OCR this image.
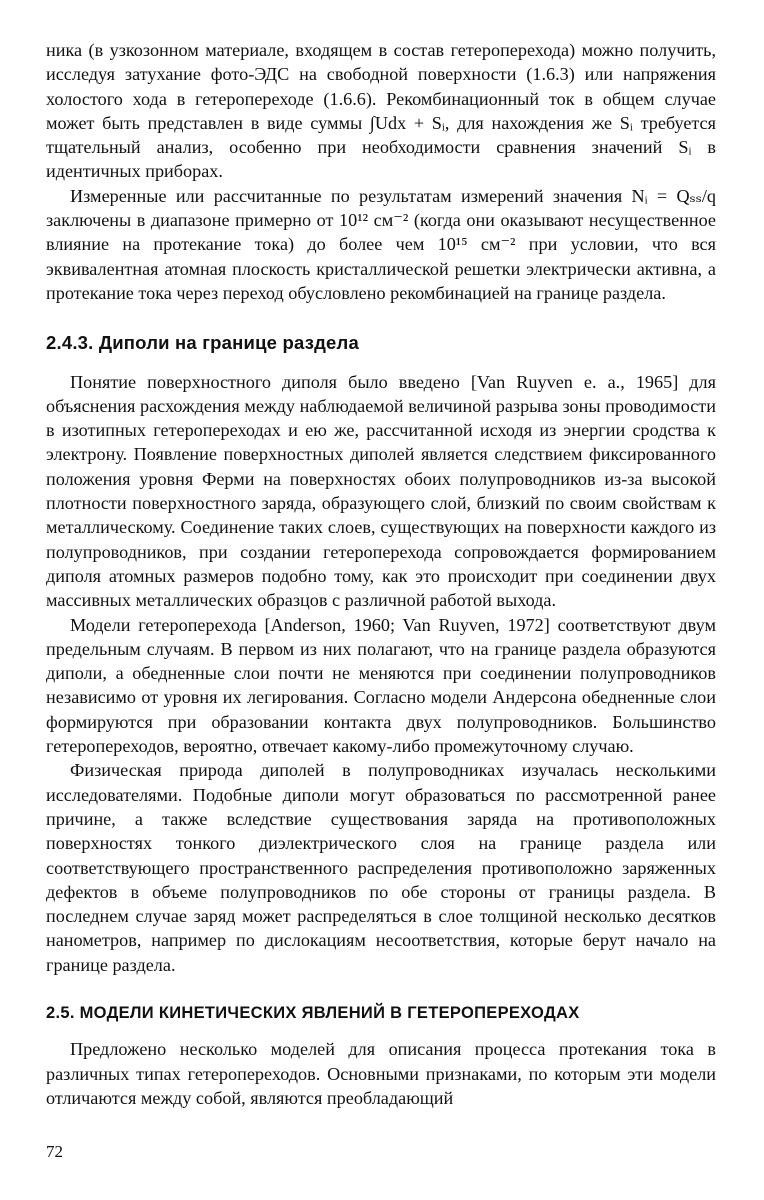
ника (в узкозонном материале, входящем в состав гетероперехода) можно получить, исследуя затухание фото-ЭДС на свободной поверхности (1.6.3) или напряжения холостого хода в гетеропереходе (1.6.6). Рекомбинационный ток в общем случае может быть представлен в виде суммы ∫Udx + Sᵢ, для нахождения же Sᵢ требуется тщательный анализ, особенно при необходимости сравнения значений Sᵢ в идентичных приборах.

Измеренные или рассчитанные по результатам измерений значения Nᵢ = Qₛₛ/q заключены в диапазоне примерно от 10¹² см⁻² (когда они оказывают несущественное влияние на протекание тока) до более чем 10¹⁵ см⁻² при условии, что вся эквивалентная атомная плоскость кристаллической решетки электрически активна, а протекание тока через переход обусловлено рекомбинацией на границе раздела.

2.4.3. Диполи на границе раздела

Понятие поверхностного диполя было введено [Van Ruyven e. a., 1965] для объяснения расхождения между наблюдаемой величиной разрыва зоны проводимости в изотипных гетеропереходах и ею же, рассчитанной исходя из энергии сродства к электрону. Появление поверхностных диполей является следствием фиксированного положения уровня Ферми на поверхностях обоих полупроводников из-за высокой плотности поверхностного заряда, образующего слой, близкий по своим свойствам к металлическому. Соединение таких слоев, существующих на поверхности каждого из полупроводников, при создании гетероперехода сопровождается формированием диполя атомных размеров подобно тому, как это происходит при соединении двух массивных металлических образцов с различной работой выхода.

Модели гетероперехода [Anderson, 1960; Van Ruyven, 1972] соответствуют двум предельным случаям. В первом из них полагают, что на границе раздела образуются диполи, а обедненные слои почти не меняются при соединении полупроводников независимо от уровня их легирования. Согласно модели Андерсона обедненные слои формируются при образовании контакта двух полупроводников. Большинство гетеропереходов, вероятно, отвечает какому-либо промежуточному случаю.

Физическая природа диполей в полупроводниках изучалась несколькими исследователями. Подобные диполи могут образоваться по рассмотренной ранее причине, а также вследствие существования заряда на противоположных поверхностях тонкого диэлектрического слоя на границе раздела или соответствующего пространственного распределения противоположно заряженных дефектов в объеме полупроводников по обе стороны от границы раздела. В последнем случае заряд может распределяться в слое толщиной несколько десятков нанометров, например по дислокациям несоответствия, которые берут начало на границе раздела.

2.5. МОДЕЛИ КИНЕТИЧЕСКИХ ЯВЛЕНИЙ В ГЕТЕРОПЕРЕХОДАХ

Предложено несколько моделей для описания процесса протекания тока в различных типах гетеропереходов. Основными признаками, по которым эти модели отличаются между собой, являются преобладающий

72
